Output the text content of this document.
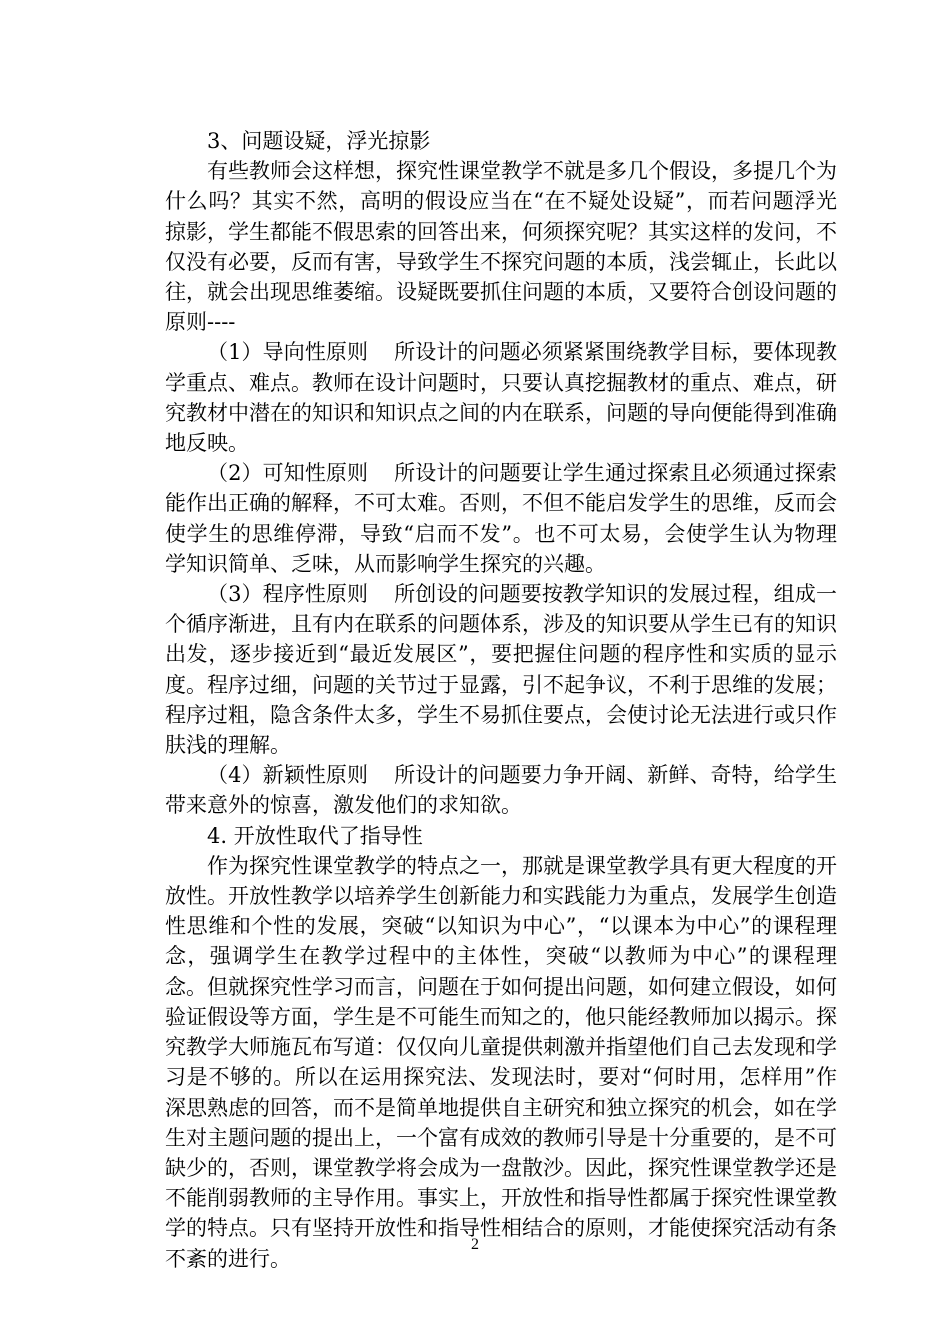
3、问题设疑，浮光掠影

有些教师会这样想，探究性课堂教学不就是多几个假设，多提几个为什么吗？其实不然，高明的假设应当在“在不疑处设疑”，而若问题浮光掠影，学生都能不假思索的回答出来，何须探究呢？其实这样的发问，不仅没有必要，反而有害，导致学生不探究问题的本质，浅尝辄止，长此以往，就会出现思维萎缩。设疑既要抓住问题的本质，又要符合创设问题的原则----

（1）导向性原则 所设计的问题必须紧紧围绕教学目标，要体现教学重点、难点。教师在设计问题时，只要认真挖掘教材的重点、难点，研究教材中潜在的知识和知识点之间的内在联系，问题的导向便能得到准确地反映。

（2）可知性原则 所设计的问题要让学生通过探索且必须通过探索能作出正确的解释，不可太难。否则，不但不能启发学生的思维，反而会使学生的思维停滞，导致“启而不发”。也不可太易，会使学生认为物理学知识简单、乏味，从而影响学生探究的兴趣。

（3）程序性原则 所创设的问题要按教学知识的发展过程，组成一个循序渐进，且有内在联系的问题体系，涉及的知识要从学生已有的知识出发，逐步接近到“最近发展区”，要把握住问题的程序性和实质的显示度。程序过细，问题的关节过于显露，引不起争议，不利于思维的发展；程序过粗，隐含条件太多，学生不易抓住要点，会使讨论无法进行或只作肤浅的理解。

（4）新颖性原则 所设计的问题要力争开阔、新鲜、奇特，给学生带来意外的惊喜，激发他们的求知欲。

4. 开放性取代了指导性

作为探究性课堂教学的特点之一，那就是课堂教学具有更大程度的开放性。开放性教学以培养学生创新能力和实践能力为重点，发展学生创造性思维和个性的发展，突破“以知识为中心”，“以课本为中心”的课程理念，强调学生在教学过程中的主体性，突破“以教师为中心”的课程理念。但就探究性学习而言，问题在于如何提出问题，如何建立假设，如何验证假设等方面，学生是不可能生而知之的，他只能经教师加以揭示。探究教学大师施瓦布写道：仅仅向儿童提供刺激并指望他们自己去发现和学习是不够的。所以在运用探究法、发现法时，要对“何时用，怎样用”作深思熟虑的回答，而不是简单地提供自主研究和独立探究的机会，如在学生对主题问题的提出上，一个富有成效的教师引导是十分重要的，是不可缺少的，否则，课堂教学将会成为一盘散沙。因此，探究性课堂教学还是不能削弱教师的主导作用。事实上，开放性和指导性都属于探究性课堂教学的特点。只有坚持开放性和指导性相结合的原则，才能使探究活动有条不紊的进行。

2
